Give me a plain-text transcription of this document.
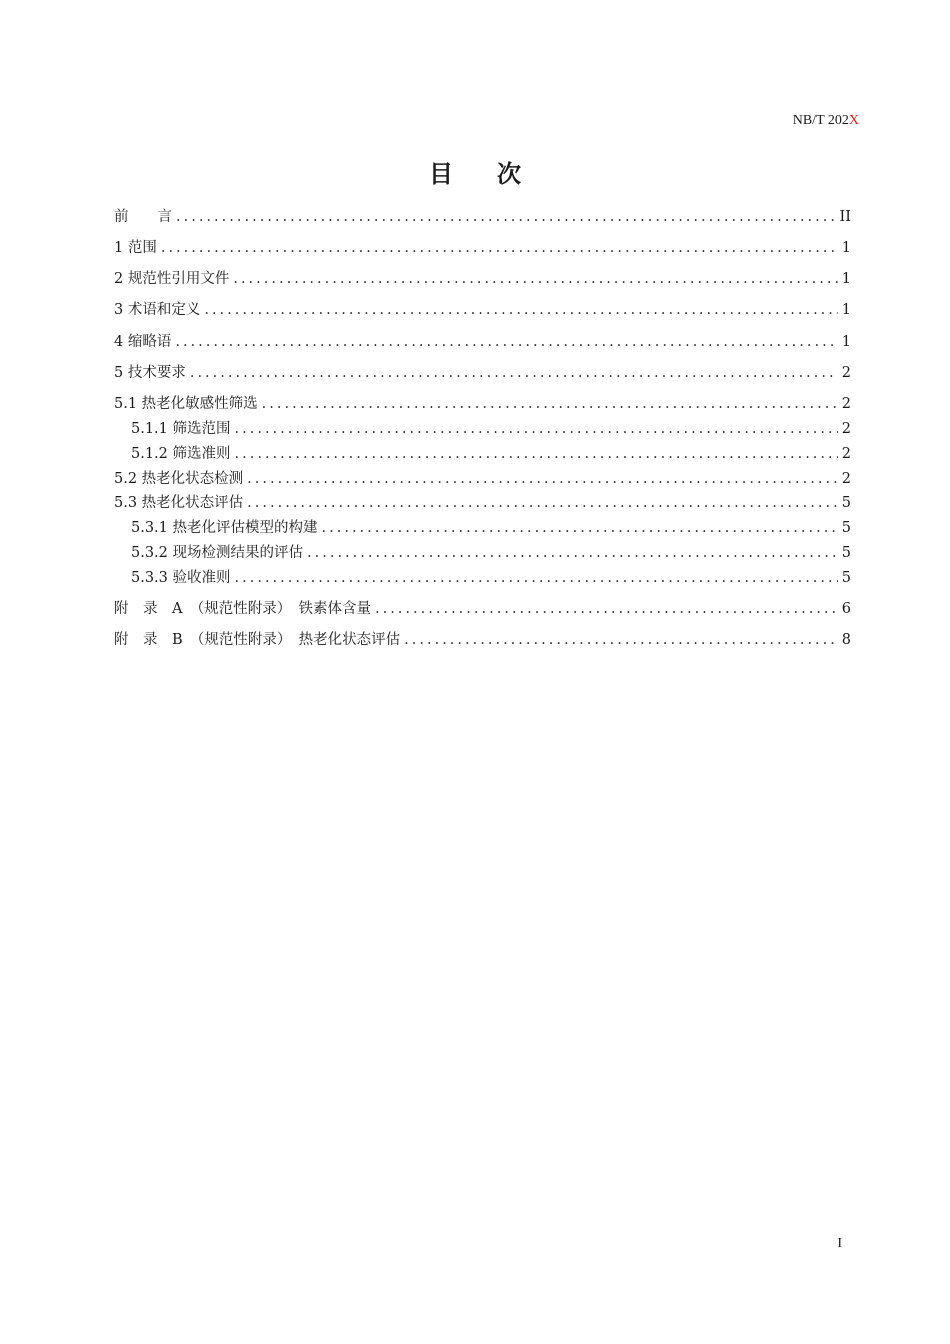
NB/T 202X
目次
前　　言 .....	II
1 范围 .....	1
2 规范性引用文件 .....	1
3 术语和定义 .....	1
4 缩略语 .....	1
5 技术要求 .....	2
5.1 热老化敏感性筛选 .....	2
5.1.1 筛选范围 .....	2
5.1.2 筛选准则 .....	2
5.2 热老化状态检测 .....	2
5.3 热老化状态评估 .....	5
5.3.1 热老化评估模型的构建 .....	5
5.3.2 现场检测结果的评估 .....	5
5.3.3 验收准则 .....	5
附　录　A　（规范性附录）　铁素体含量 .....	6
附　录　B　（规范性附录）　热老化状态评估 .....	8
I
